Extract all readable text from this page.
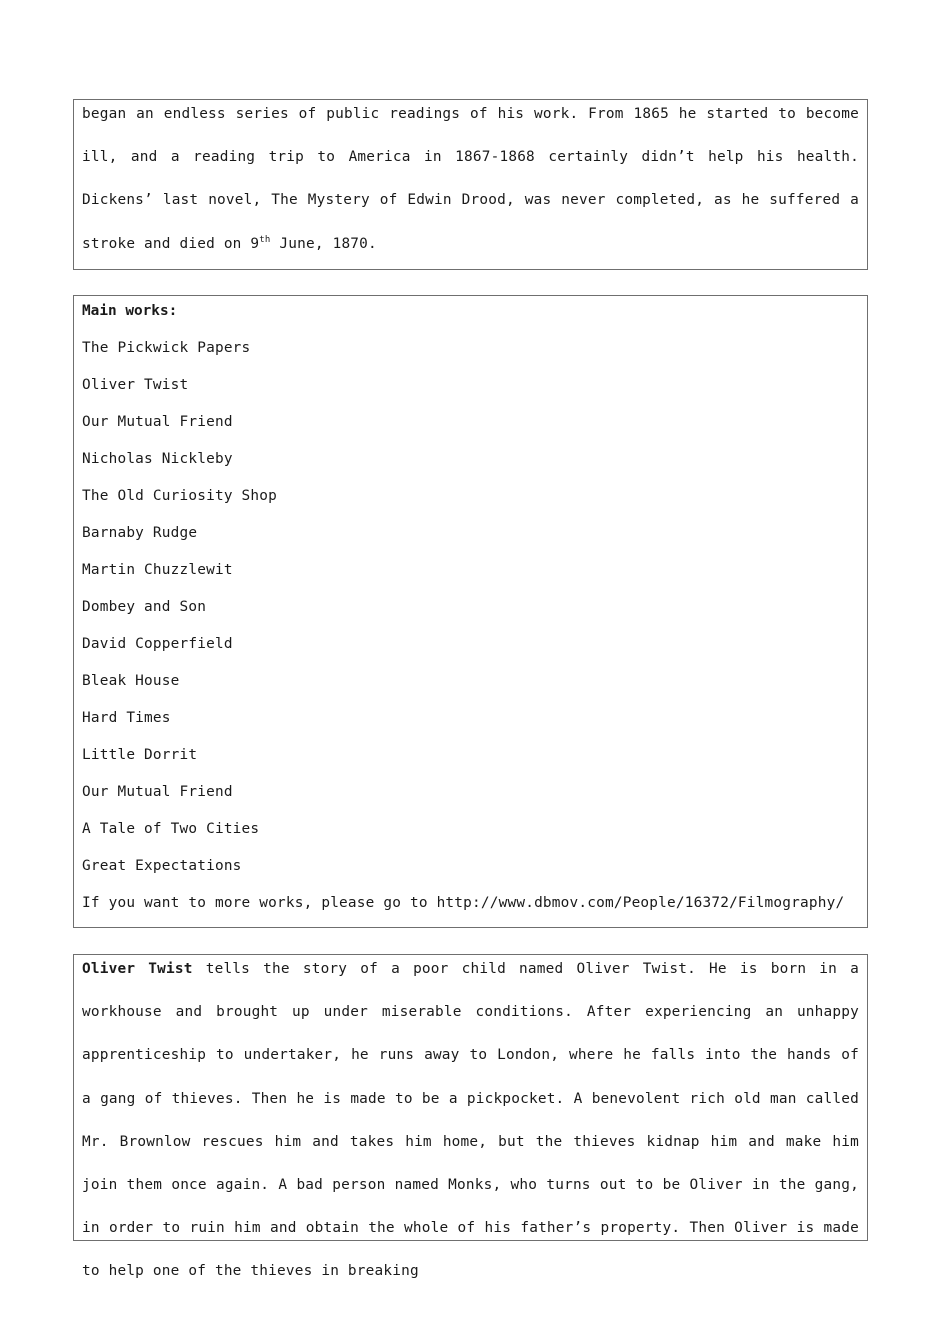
began an endless series of public readings of his work. From 1865 he started to become ill, and a reading trip to America in 1867-1868 certainly didn’t help his health. Dickens’ last novel, The Mystery of Edwin Drood, was never completed, as he suffered a stroke and died on 9th June, 1870.

Main works:
The Pickwick Papers
Oliver Twist
Our Mutual Friend
Nicholas Nickleby
The Old Curiosity Shop
Barnaby Rudge
Martin Chuzzlewit
Dombey and Son
David Copperfield
Bleak House
Hard Times
Little Dorrit
Our Mutual Friend
A Tale of Two Cities
Great Expectations
If you want to more works, please go to http://www.dbmov.com/People/16372/Filmography/

Oliver Twist tells the story of a poor child named Oliver Twist. He is born in a workhouse and brought up under miserable conditions. After experiencing an unhappy apprenticeship to undertaker, he runs away to London, where he falls into the hands of a gang of thieves. Then he is made to be a pickpocket. A benevolent rich old man called Mr. Brownlow rescues him and takes him home, but the thieves kidnap him and make him join them once again. A bad person named Monks, who turns out to be Oliver in the gang, in order to ruin him and obtain the whole of his father’s property. Then Oliver is made to help one of the thieves in breaking
